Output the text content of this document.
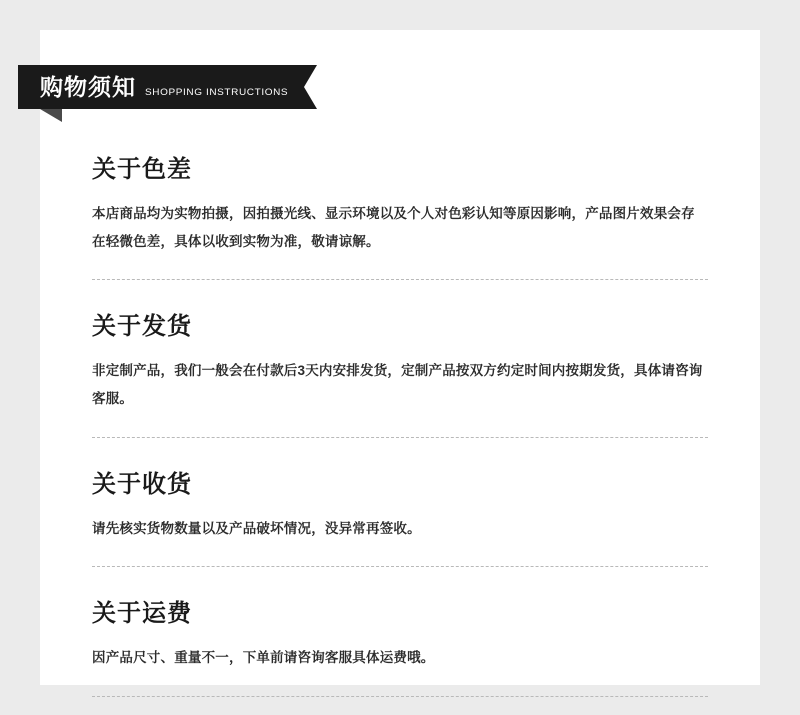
购物须知 SHOPPING INSTRUCTIONS
关于色差

本店商品均为实物拍摄，因拍摄光线、显示环境以及个人对色彩认知等原因影响，产品图片效果会存在轻微色差，具体以收到实物为准，敬请谅解。

关于发货

非定制产品，我们一般会在付款后3天内安排发货，定制产品按双方约定时间内按期发货，具体请咨询客服。

关于收货

请先核实货物数量以及产品破坏情况，没异常再签收。

关于运费

因产品尺寸、重量不一，下单前请咨询客服具体运费哦。
